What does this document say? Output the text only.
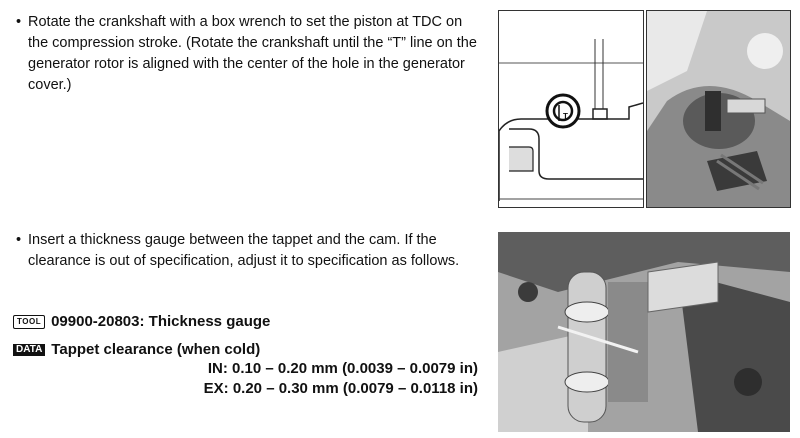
• Rotate the crankshaft with a box wrench to set the piston at TDC on the compression stroke. (Rotate the crankshaft until the “T” line on the generator rotor is aligned with the center of the hole in the generator cover.)

• Insert a thickness gauge between the tappet and the cam. If the clearance is out of specification, adjust it to specification as follows.

TOOL 09900-20803: Thickness gauge
DATA Tappet clearance (when cold)
IN: 0.10 – 0.20 mm (0.0039 – 0.0079 in)
EX: 0.20 – 0.30 mm (0.0079 – 0.0118 in)
T
